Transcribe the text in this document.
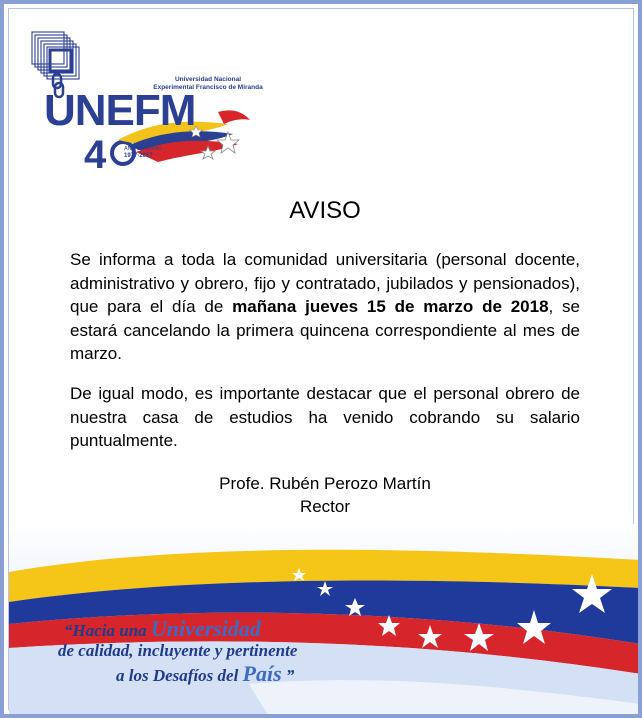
4
Universidad Nacional
Experimental Francisco de Miranda
UNEFM
ANIVERSARIO
1977-2017
AVISO
Se informa a toda la comunidad universitaria (personal docente, administrativo y obrero, fijo y contratado, jubilados y pensionados), que para el día de mañana jueves 15 de marzo de 2018, se estará cancelando la primera quincena correspondiente al mes de marzo.
De igual modo, es importante destacar que el personal obrero de nuestra casa de estudios ha venido cobrando su salario puntualmente.
Profe. Rubén Perozo Martín
Rector
“Hacia una Universidad
de calidad, incluyente y pertinente
a los Desafíos del País ”
